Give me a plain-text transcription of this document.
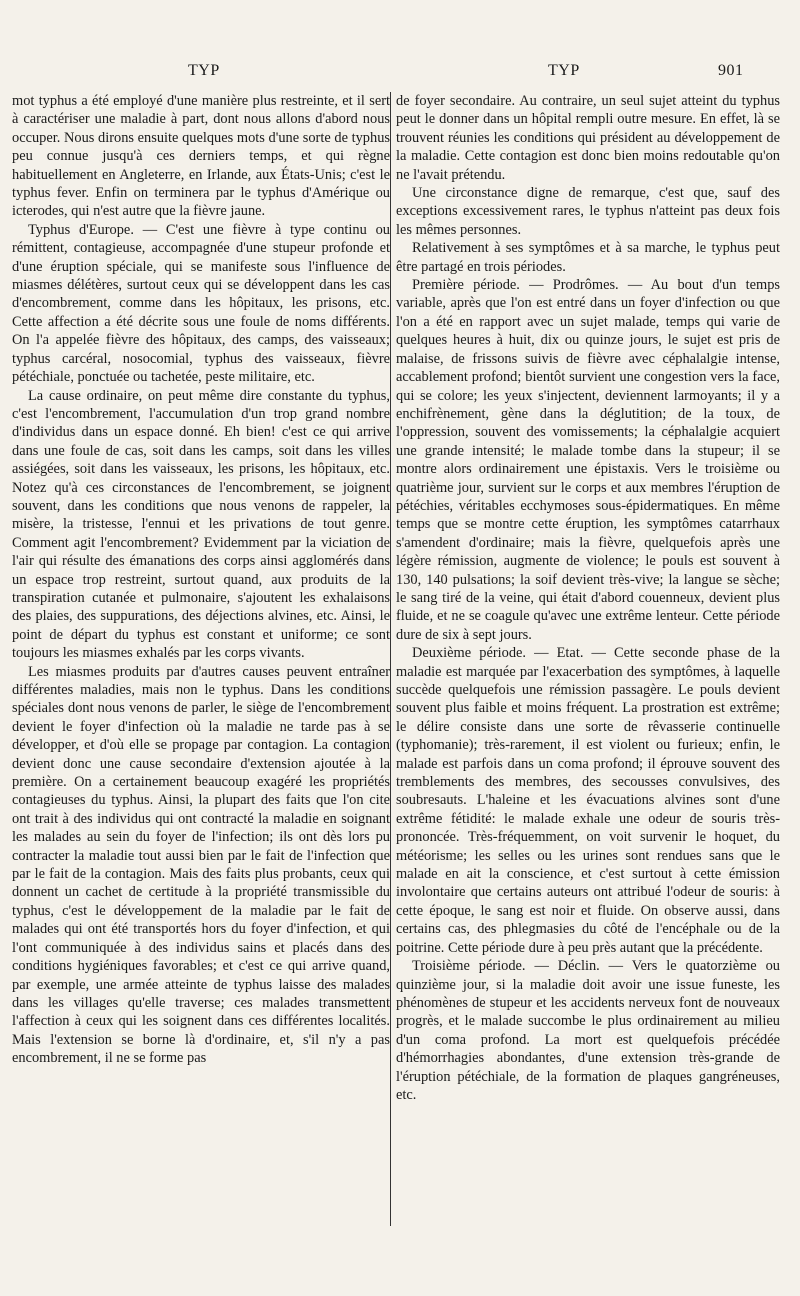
TYP	TYP	901

mot typhus a été employé d'une manière plus restreinte, et il sert à caractériser une maladie à part, dont nous allons d'abord nous occuper. Nous dirons ensuite quelques mots d'une sorte de typhus peu connue jusqu'à ces derniers temps, et qui règne habituellement en Angleterre, en Irlande, aux États-Unis; c'est le typhus fever. Enfin on terminera par le typhus d'Amérique ou icterodes, qui n'est autre que la fièvre jaune.

Typhus d'Europe. — C'est une fièvre à type continu ou rémittent, contagieuse, accompagnée d'une stupeur profonde et d'une éruption spéciale, qui se manifeste sous l'influence de miasmes délétères, surtout ceux qui se développent dans les cas d'encombrement, comme dans les hôpitaux, les prisons, etc. Cette affection a été décrite sous une foule de noms différents. On l'a appelée fièvre des hôpitaux, des camps, des vaisseaux; typhus carcéral, nosocomial, typhus des vaisseaux, fièvre pétéchiale, ponctuée ou tachetée, peste militaire, etc.

La cause ordinaire, on peut même dire constante du typhus, c'est l'encombrement, l'accumulation d'un trop grand nombre d'individus dans un espace donné. Eh bien! c'est ce qui arrive dans une foule de cas, soit dans les camps, soit dans les villes assiégées, soit dans les vaisseaux, les prisons, les hôpitaux, etc. Notez qu'à ces circonstances de l'encombrement, se joignent souvent, dans les conditions que nous venons de rappeler, la misère, la tristesse, l'ennui et les privations de tout genre. Comment agit l'encombrement? Evidemment par la viciation de l'air qui résulte des émanations des corps ainsi agglomérés dans un espace trop restreint, surtout quand, aux produits de la transpiration cutanée et pulmonaire, s'ajoutent les exhalaisons des plaies, des suppurations, des déjections alvines, etc. Ainsi, le point de départ du typhus est constant et uniforme; ce sont toujours les miasmes exhalés par les corps vivants.

Les miasmes produits par d'autres causes peuvent entraîner différentes maladies, mais non le typhus. Dans les conditions spéciales dont nous venons de parler, le siège de l'encombrement devient le foyer d'infection où la maladie ne tarde pas à se développer, et d'où elle se propage par contagion. La contagion devient donc une cause secondaire d'extension ajoutée à la première. On a certainement beaucoup exagéré les propriétés contagieuses du typhus. Ainsi, la plupart des faits que l'on cite ont trait à des individus qui ont contracté la maladie en soignant les malades au sein du foyer de l'infection; ils ont dès lors pu contracter la maladie tout aussi bien par le fait de l'infection que par le fait de la contagion. Mais des faits plus probants, ceux qui donnent un cachet de certitude à la propriété transmissible du typhus, c'est le développement de la maladie par le fait de malades qui ont été transportés hors du foyer d'infection, et qui l'ont communiquée à des individus sains et placés dans des conditions hygiéniques favorables; et c'est ce qui arrive quand, par exemple, une armée atteinte de typhus laisse des malades dans les villages qu'elle traverse; ces malades transmettent l'affection à ceux qui les soignent dans ces différentes localités. Mais l'extension se borne là d'ordinaire, et, s'il n'y a pas encombrement, il ne se forme pas

de foyer secondaire. Au contraire, un seul sujet atteint du typhus peut le donner dans un hôpital rempli outre mesure. En effet, là se trouvent réunies les conditions qui président au développement de la maladie. Cette contagion est donc bien moins redoutable qu'on ne l'avait prétendu.

Une circonstance digne de remarque, c'est que, sauf des exceptions excessivement rares, le typhus n'atteint pas deux fois les mêmes personnes.

Relativement à ses symptômes et à sa marche, le typhus peut être partagé en trois périodes.

Première période. — Prodrômes. — Au bout d'un temps variable, après que l'on est entré dans un foyer d'infection ou que l'on a été en rapport avec un sujet malade, temps qui varie de quelques heures à huit, dix ou quinze jours, le sujet est pris de malaise, de frissons suivis de fièvre avec céphalalgie intense, accablement profond; bientôt survient une congestion vers la face, qui se colore; les yeux s'injectent, deviennent larmoyants; il y a enchifrènement, gène dans la déglutition; de la toux, de l'oppression, souvent des vomissements; la céphalalgie acquiert une grande intensité; le malade tombe dans la stupeur; il se montre alors ordinairement une épistaxis. Vers le troisième ou quatrième jour, survient sur le corps et aux membres l'éruption de pétéchies, véritables ecchymoses sous-épidermatiques. En même temps que se montre cette éruption, les symptômes catarrhaux s'amendent d'ordinaire; mais la fièvre, quelquefois après une légère rémission, augmente de violence; le pouls est souvent à 130, 140 pulsations; la soif devient très-vive; la langue se sèche; le sang tiré de la veine, qui était d'abord couenneux, devient plus fluide, et ne se coagule qu'avec une extrême lenteur. Cette période dure de six à sept jours.

Deuxième période. — Etat. — Cette seconde phase de la maladie est marquée par l'exacerbation des symptômes, à laquelle succède quelquefois une rémission passagère. Le pouls devient souvent plus faible et moins fréquent. La prostration est extrême; le délire consiste dans une sorte de rêvasserie continuelle (typhomanie); très-rarement, il est violent ou furieux; enfin, le malade est parfois dans un coma profond; il éprouve souvent des tremblements des membres, des secousses convulsives, des soubresauts. L'haleine et les évacuations alvines sont d'une extrême fétidité: le malade exhale une odeur de souris très-prononcée. Très-fréquemment, on voit survenir le hoquet, du météorisme; les selles ou les urines sont rendues sans que le malade en ait la conscience, et c'est surtout à cette émission involontaire que certains auteurs ont attribué l'odeur de souris: à cette époque, le sang est noir et fluide. On observe aussi, dans certains cas, des phlegmasies du côté de l'encéphale ou de la poitrine. Cette période dure à peu près autant que la précédente.

Troisième période. — Déclin. — Vers le quatorzième ou quinzième jour, si la maladie doit avoir une issue funeste, les phénomènes de stupeur et les accidents nerveux font de nouveaux progrès, et le malade succombe le plus ordinairement au milieu d'un coma profond. La mort est quelquefois précédée d'hémorrhagies abondantes, d'une extension très-grande de l'éruption pétéchiale, de la formation de plaques gangréneuses, etc.
